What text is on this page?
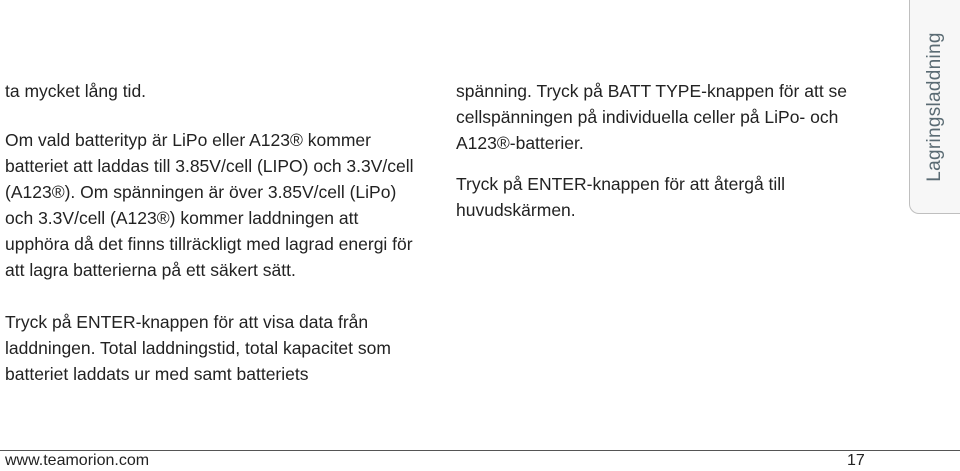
ta mycket lång tid.

Om vald batterityp är LiPo eller A123® kommer batteriet att laddas till 3.85V/cell (LIPO) och 3.3V/cell (A123®). Om spänningen är över 3.85V/cell (LiPo) och 3.3V/cell (A123®) kommer laddningen att upphöra då det finns tillräckligt med lagrad energi för att lagra batterierna på ett säkert sätt.

Tryck på ENTER-knappen för att visa data från laddningen. Total laddningstid, total kapacitet som batteriet laddats ur med samt batteriets

spänning. Tryck på BATT TYPE-knappen för att se cellspänningen på individuella celler på LiPo- och A123®-batterier.

Tryck på ENTER-knappen för att återgå till huvudskärmen.

Lagringsladdning
www.teamorion.com	17
